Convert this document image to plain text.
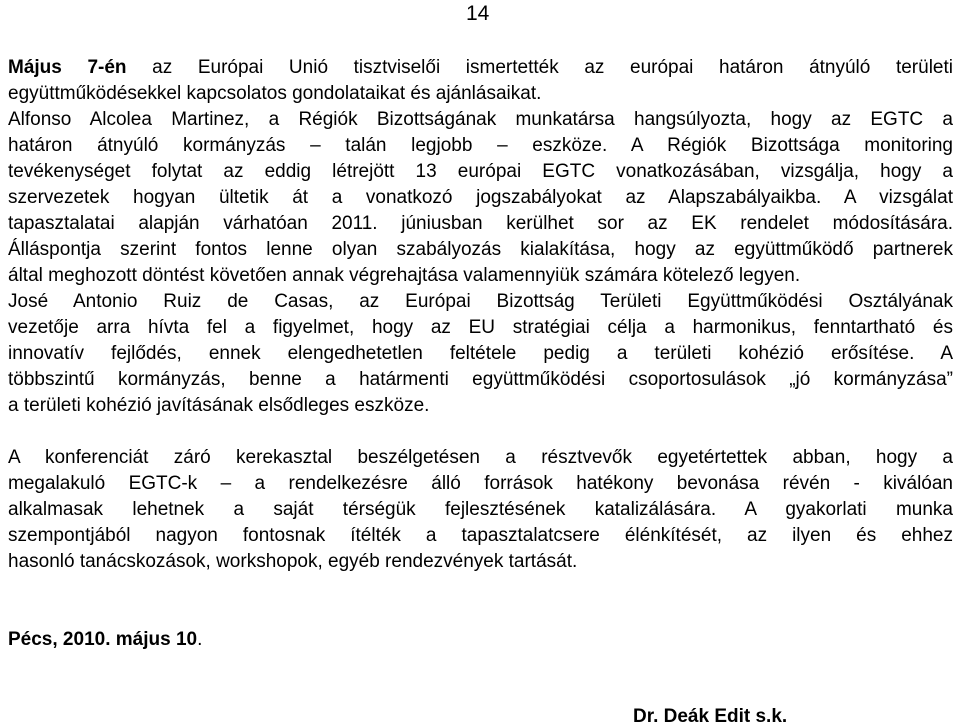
14
Május 7-én az Európai Unió tisztviselői ismertették az európai határon átnyúló területi
együttműködésekkel kapcsolatos gondolataikat és ajánlásaikat.
Alfonso Alcolea Martinez, a Régiók Bizottságának munkatársa hangsúlyozta, hogy az EGTC a
határon átnyúló kormányzás – talán legjobb – eszköze. A Régiók Bizottsága monitoring
tevékenységet folytat az eddig létrejött 13 európai EGTC vonatkozásában, vizsgálja, hogy a
szervezetek hogyan ültetik át a vonatkozó jogszabályokat az Alapszabályaikba. A vizsgálat
tapasztalatai alapján várhatóan 2011. júniusban kerülhet sor az EK rendelet módosítására.
Álláspontja szerint fontos lenne olyan szabályozás kialakítása, hogy az együttműködő partnerek
által meghozott döntést követően annak végrehajtása valamennyiük számára kötelező legyen.
José Antonio Ruiz de Casas, az Európai Bizottság Területi Együttműködési Osztályának
vezetője arra hívta fel a figyelmet, hogy az EU stratégiai célja a harmonikus, fenntartható és
innovatív fejlődés, ennek elengedhetetlen feltétele pedig a területi kohézió erősítése. A
többszintű kormányzás, benne a határmenti együttműködési csoportosulások „jó kormányzása”
a területi kohézió javításának elsődleges eszköze.
A konferenciát záró kerekasztal beszélgetésen a résztvevők egyetértettek abban, hogy a
megalakuló EGTC-k – a rendelkezésre álló források hatékony bevonása révén - kiválóan
alkalmasak lehetnek a saját térségük fejlesztésének katalizálására. A gyakorlati munka
szempontjából nagyon fontosnak ítélték a tapasztalatcsere élénkítését, az ilyen és ehhez
hasonló tanácskozások, workshopok, egyéb rendezvények tartását.
Pécs, 2010. május 10.
Dr. Deák Edit s.k.
